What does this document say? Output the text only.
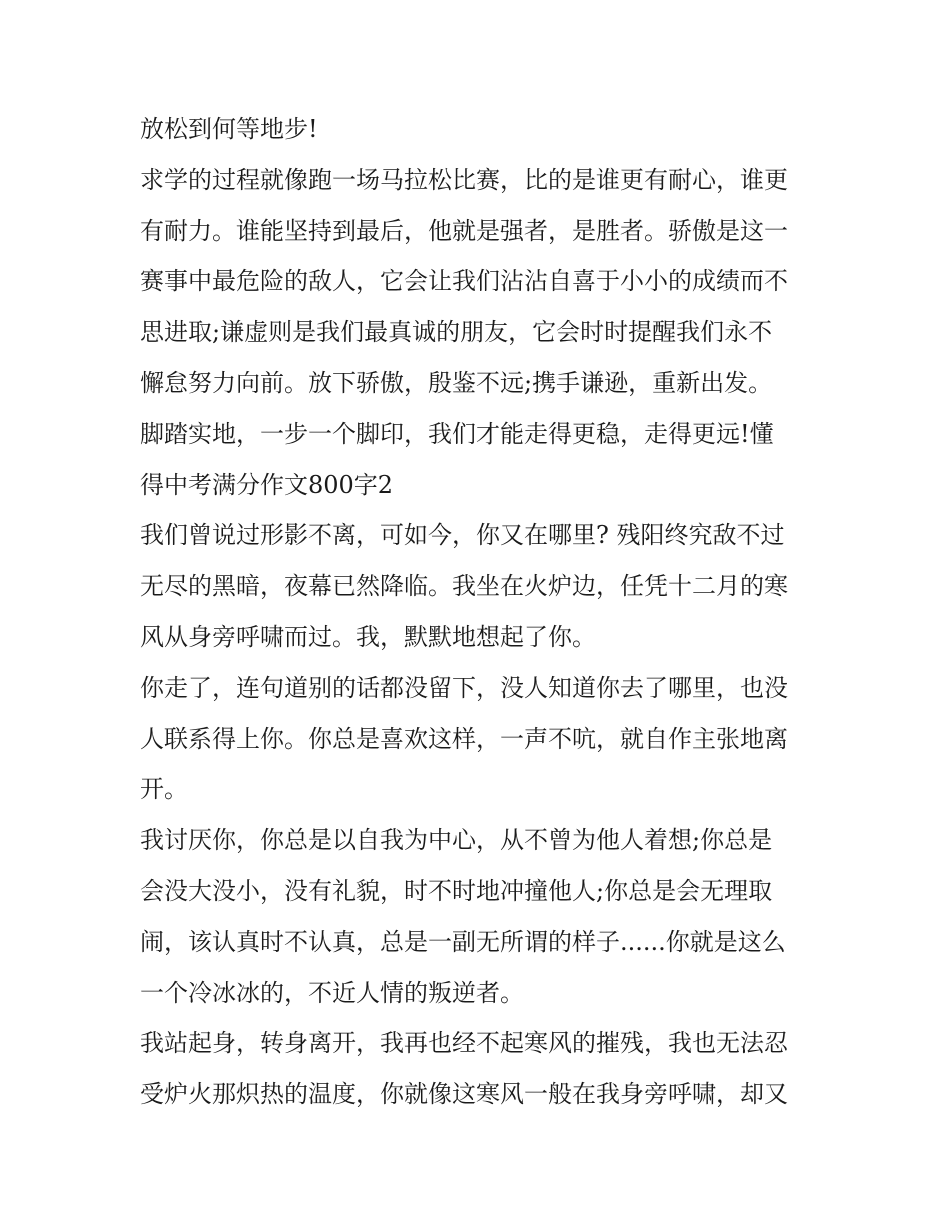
放松到何等地步!
求学的过程就像跑一场马拉松比赛，比的是谁更有耐心，谁更
有耐力。谁能坚持到最后，他就是强者，是胜者。骄傲是这一
赛事中最危险的敌人，它会让我们沾沾自喜于小小的成绩而不
思进取;谦虚则是我们最真诚的朋友，它会时时提醒我们永不
懈怠努力向前。放下骄傲，殷鉴不远;携手谦逊，重新出发。
脚踏实地，一步一个脚印，我们才能走得更稳，走得更远!懂
得中考满分作文800字2
我们曾说过形影不离，可如今，你又在哪里? 残阳终究敌不过
无尽的黑暗，夜幕已然降临。我坐在火炉边，任凭十二月的寒
风从身旁呼啸而过。我，默默地想起了你。
你走了，连句道别的话都没留下，没人知道你去了哪里，也没
人联系得上你。你总是喜欢这样，一声不吭，就自作主张地离
开。
我讨厌你，你总是以自我为中心，从不曾为他人着想;你总是
会没大没小，没有礼貌，时不时地冲撞他人;你总是会无理取
闹，该认真时不认真，总是一副无所谓的样子......你就是这么
一个冷冰冰的，不近人情的叛逆者。
我站起身，转身离开，我再也经不起寒风的摧残，我也无法忍
受炉火那炽热的温度，你就像这寒风一般在我身旁呼啸，却又
